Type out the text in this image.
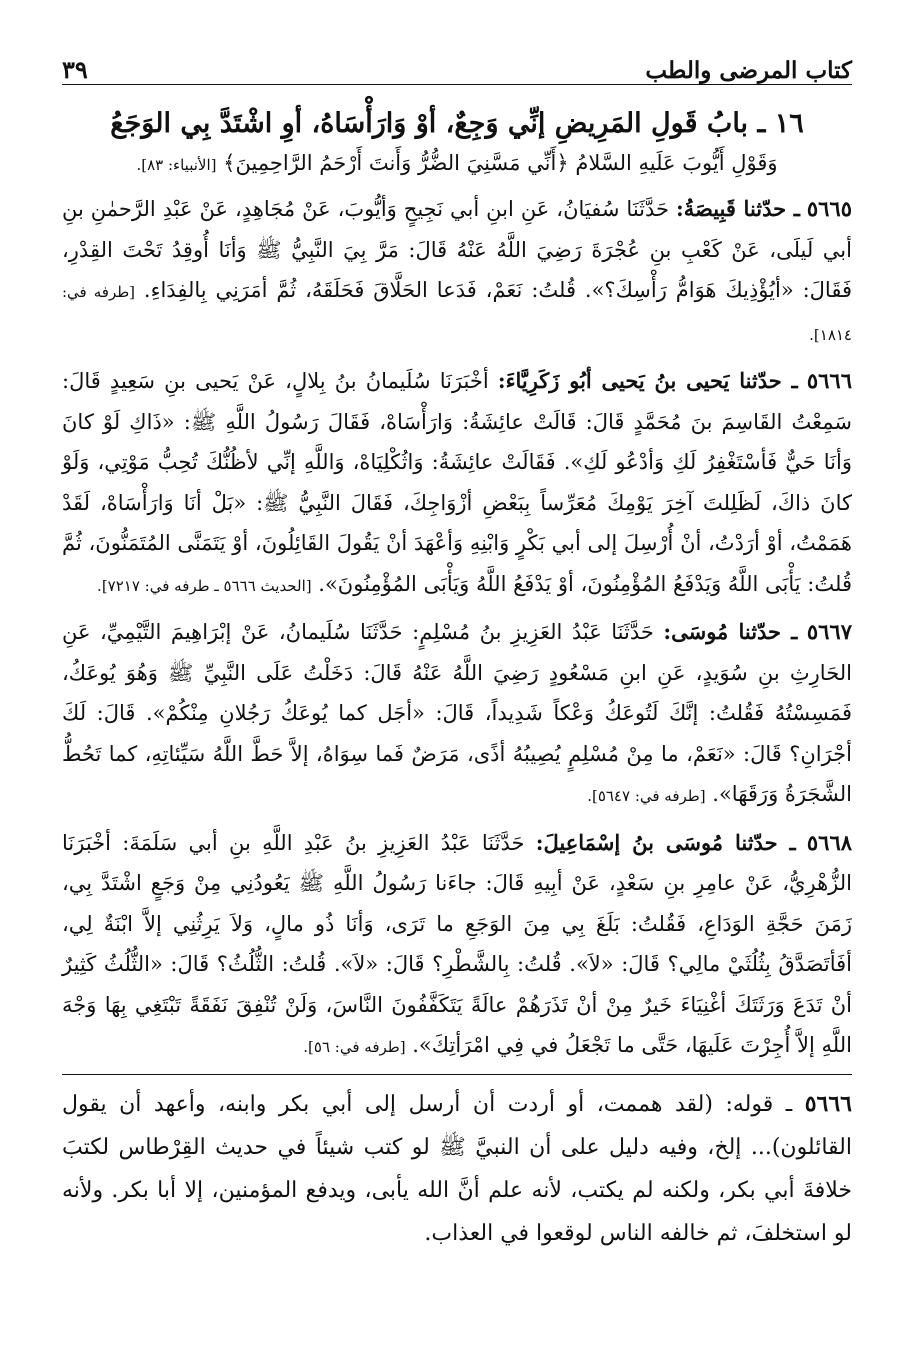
كتاب المرضى والطب
٣٩
١٦ ـ بابُ قَولِ المَرِيضِ إنِّي وَجِعٌ، أوْ وَارَأْسَاهُ، أوِ اشْتَدَّ بِي الوَجَعُ
وَقَوْلِ أَيُّوبَ عَلَيهِ السَّلامُ ﴿أَنِّي مَسَّنِيَ الضُّرُّ وَأَنتَ أَرْحَمُ الرَّاحِمِينَ﴾ [الأنبياء: ٨٣].
٥٦٦٥ ـ حدّثنا قَبِيصَةُ: حَدَّثَنَا سُفيَانُ، عَنِ ابنِ أبي نَجِيحٍ وَأيُّوبَ، عَنْ مُجَاهِدٍ، عَنْ عَبْدِ الرَّحمٰنِ بنِ أبي لَيلَى، عَنْ كَعْبِ بنِ عُجْرَةَ رَضِيَ اللَّهُ عَنْهُ قَالَ: مَرَّ بِيَ النَّبِيُّ ﷺ وَأنَا أُوقِدُ تَحْتَ القِدْرِ، فَقَالَ: «أيُؤْذِيكَ هَوَامُّ رَأْسِكَ؟». قُلتُ: نَعَمْ، فَدَعا الحَلَّاقَ فَحَلَقَهُ، ثُمَّ أمَرَنِي بِالفِدَاءِ. [طرفه في: ١٨١٤].
٥٦٦٦ ـ حدّثنا يَحيى بنُ يَحيى أبُو زَكَرِيَّاءَ: أخْبَرَنَا سُلَيمانُ بنُ بِلالٍ، عَنْ يَحيى بنِ سَعِيدٍ قَالَ: سَمِعْتُ القَاسِمَ بنَ مُحَمَّدٍ قَالَ: قَالَتْ عائِشَةُ: وَارَأْسَاهْ، فَقَالَ رَسُولُ اللَّهِ ﷺ: «ذَاكِ لَوْ كانَ وَأنَا حَيٌّ فَأسْتَغْفِرُ لَكِ وَأدْعُو لَكِ». فَقَالَتْ عائِشَةُ: وَاثُكْلِيَاهْ، وَاللَّهِ إنِّي لأظُنُّكَ تُحِبُّ مَوْتِي، وَلَوْ كانَ ذاكَ، لَظَلِلتَ آخِرَ يَوْمِكَ مُعَرِّساً بِبَعْضِ أزْوَاجِكَ، فَقَالَ النَّبِيُّ ﷺ: «بَلْ أنَا وَارَأْسَاهْ، لَقَدْ هَمَمْتُ، أوْ أرَدْتُ، أنْ أُرْسِلَ إلى أبي بَكْرٍ وَابْنِهِ وَأعْهَدَ أنْ يَقُولَ القَائِلُونَ، أوْ يَتَمَنَّى المُتَمَنُّونَ، ثُمَّ قُلتُ: يَأْبَى اللَّهُ وَيَدْفَعُ المُؤْمِنُونَ، أوْ يَدْفَعُ اللَّهُ وَيَأْبَى المُؤْمِنُونَ». [الحديث ٥٦٦٦ ـ طرفه في: ٧٢١٧].
٥٦٦٧ ـ حدّثنا مُوسَى: حَدَّثَنَا عَبْدُ العَزِيزِ بنُ مُسْلِمٍ: حَدَّثَنَا سُلَيمانُ، عَنْ إبْرَاهِيمَ التَّيْمِيِّ، عَنِ الحَارِثِ بنِ سُوَيدٍ، عَنِ ابنِ مَسْعُودٍ رَضِيَ اللَّهُ عَنْهُ قَالَ: دَخَلْتُ عَلَى النَّبِيِّ ﷺ وَهُوَ يُوعَكُ، فَمَسِسْتُهُ فَقُلتُ: إنَّكَ لَتُوعَكُ وَعْكاً شَدِيداً، قَالَ: «أجَل كما يُوعَكُ رَجُلانِ مِنْكُمْ». قَالَ: لَكَ أجْرَانِ؟ قَالَ: «نَعَمْ، ما مِنْ مُسْلِمٍ يُصِيبُهُ أذًى، مَرَضٌ فَما سِوَاهُ، إلاَّ حَطَّ اللَّهُ سَيِّئاتِهِ، كما تَحُطُّ الشَّجَرَةُ وَرَقَهَا». [طرفه في: ٥٦٤٧].
٥٦٦٨ ـ حدّثنا مُوسَى بنُ إسْمَاعِيلَ: حَدَّثَنَا عَبْدُ العَزِيزِ بنُ عَبْدِ اللَّهِ بنِ أبي سَلَمَةَ: أخْبَرَنَا الزُّهْرِيُّ، عَنْ عامِرِ بنِ سَعْدٍ، عَنْ أبِيهِ قَالَ: جاءَنا رَسُولُ اللَّهِ ﷺ يَعُودُنِي مِنْ وَجَعٍ اشْتَدَّ بِي، زَمَنَ حَجَّةِ الوَدَاعِ، فَقُلتُ: بَلَغَ بِي مِنَ الوَجَعِ ما تَرَى، وَأنَا ذُو مالٍ، وَلاَ يَرِثُنِي إلاَّ ابْنَةٌ لِي، أفَأتَصَدَّقُ بِثُلُثَيْ مالِي؟ قَالَ: «لاَ». قُلتُ: بِالشَّطْرِ؟ قَالَ: «لاَ». قُلتُ: الثُّلُثُ؟ قَالَ: «الثُّلُثُ كَثِيرٌ أنْ تَدَعَ وَرَثَتَكَ أغْنِيَاءَ خَيرٌ مِنْ أنْ تَذَرَهُمْ عالَةً يَتَكَفَّفُونَ النَّاسَ، وَلَنْ تُنْفِقَ نَفَقَةً تَبْتَغِي بِهَا وَجْهَ اللَّهِ إلاَّ أُجِرْتَ عَلَيهَا، حَتَّى ما تَجْعَلُ في فِي امْرَأتِكَ». [طرفه في: ٥٦].
٥٦٦٦ ـ قوله: (لقد هممت، أو أردت أن أرسل إلى أبي بكر وابنه، وأعهد أن يقول القائلون)... إلخ، وفيه دليل على أن النبيَّ ﷺ لو كتب شيئاً في حديث القِرْطاس لكتبَ خلافةَ أبي بكر، ولكنه لم يكتب، لأنه علم أنَّ الله يأبى، ويدفع المؤمنين، إلا أبا بكر. ولأنه لو استخلفَ، ثم خالفه الناس لوقعوا في العذاب.
